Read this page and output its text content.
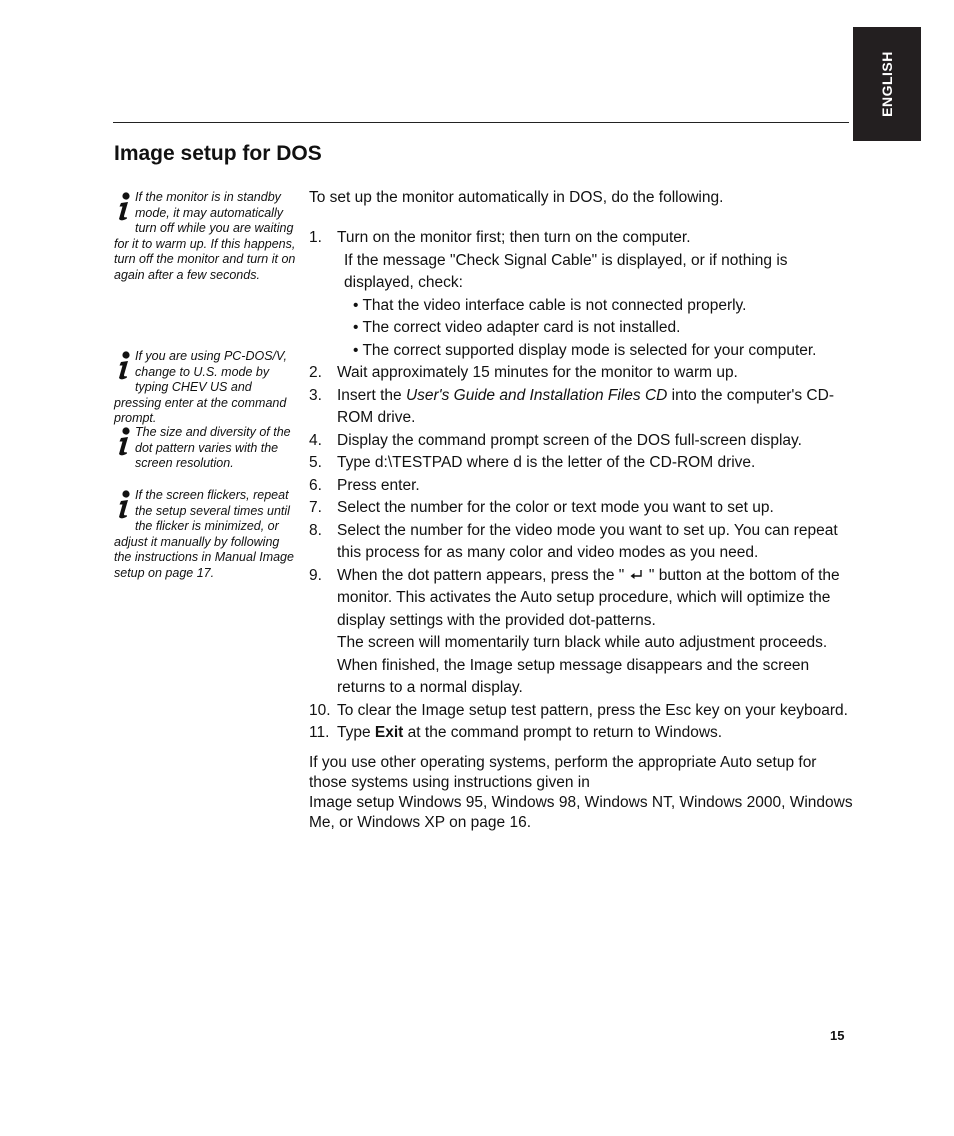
ENGLISH
Image setup for DOS
If the monitor is in standby mode, it may automatically turn off while you are waiting for it to warm up. If this happens, turn off the monitor and turn it on again after a few seconds.
If you are using PC-DOS/V, change to U.S. mode by typing CHEV US and pressing enter at the command prompt.
The size and diversity of the dot pattern varies with the screen resolution.
If the screen flickers, repeat the setup several times until the flicker is minimized, or adjust it manually by following the instructions in Manual Image setup on page 17.

To set up the monitor automatically in DOS, do the following.

1. Turn on the monitor first; then turn on the computer.
If the message "Check Signal Cable" is displayed, or if nothing is displayed, check:
• That the video interface cable is not connected properly.
• The correct video adapter card is not installed.
• The correct supported display mode is selected for your computer.
2. Wait approximately 15 minutes for the monitor to warm up.
3. Insert the User's Guide and Installation Files CD into the computer's CD-ROM drive.
4. Display the command prompt screen of the DOS full-screen display.
5. Type d:\TESTPAD where d is the letter of the CD-ROM drive.
6. Press enter.
7. Select the number for the color or text mode you want to set up.
8. Select the number for the video mode you want to set up. You can repeat this process for as many color and video modes as you need.
9. When the dot pattern appears, press the "  " button at the bottom of the monitor. This activates the Auto setup procedure, which will optimize the display settings with the provided dot-patterns.
The screen will momentarily turn black while auto adjustment proceeds. When finished, the Image setup message disappears and the screen returns to a normal display.
10. To clear the Image setup test pattern, press the Esc key on your keyboard.
11. Type Exit at the command prompt to return to Windows.

If you use other operating systems, perform the appropriate Auto setup for those systems using instructions given in

Image setup Windows 95, Windows 98, Windows NT, Windows 2000, Windows Me, or Windows XP on page 16.

15
